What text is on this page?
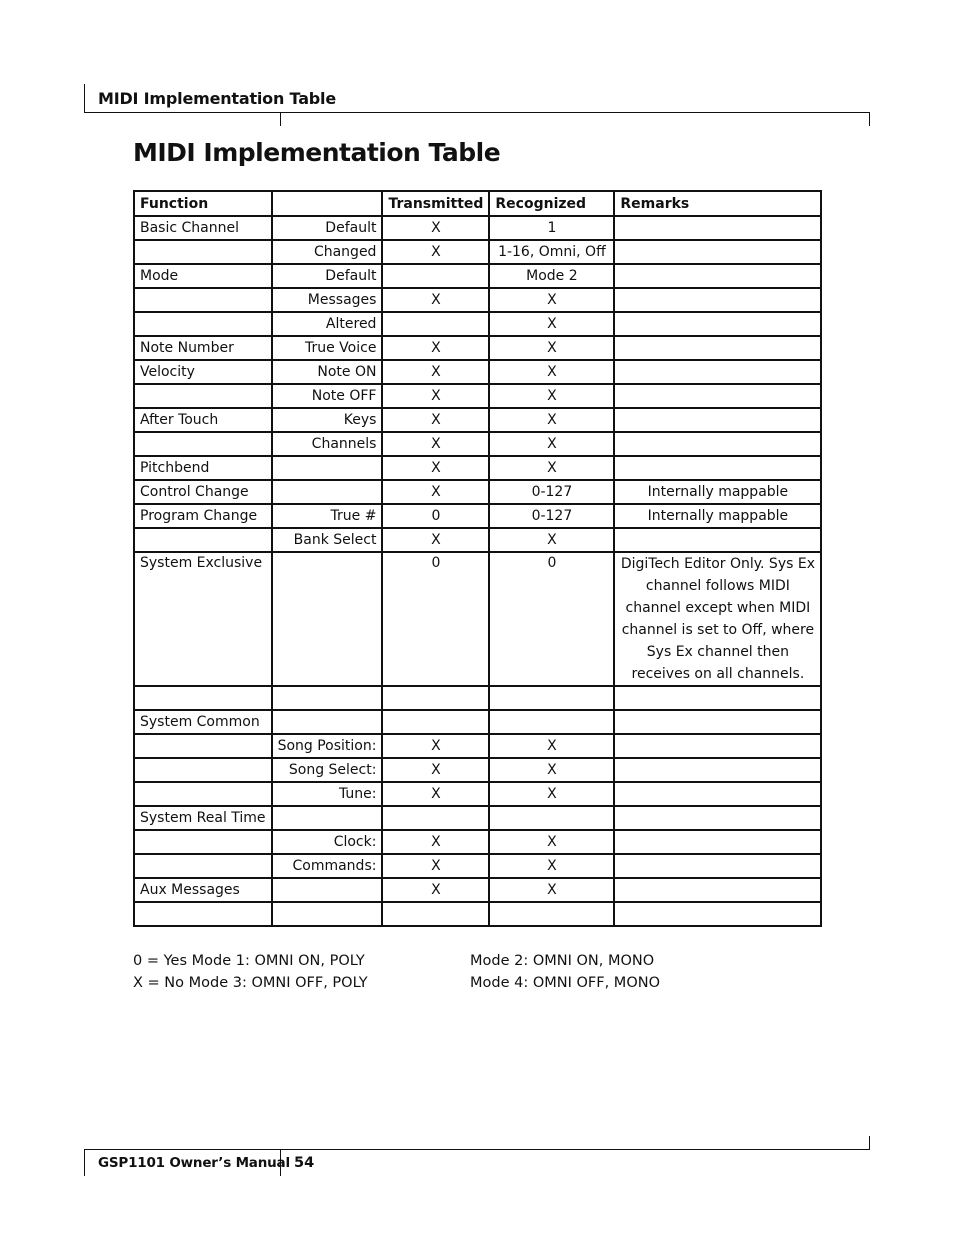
MIDI Implementation Table
MIDI Implementation Table
Function		Transmitted	Recognized	Remarks
Basic Channel	Default	X	1	
	Changed	X	1-16, Omni, Off	
Mode	Default		Mode 2	
	Messages	X	X	
	Altered		X	
Note Number	True Voice	X	X	
Velocity	Note ON	X	X	
	Note OFF	X	X	
After Touch	Keys	X	X	
	Channels	X	X	
Pitchbend		X	X	
Control Change		X	0-127	Internally mappable
Program Change	True #	0	0-127	Internally mappable
	Bank Select	X	X	
System Exclusive		0	0	DigiTech Editor Only. Sys Ex channel follows MIDI channel except when MIDI channel is set to Off, where Sys Ex channel then receives on all channels.

System Common				
	Song Position:	X	X	
	Song Select:	X	X	
	Tune:	X	X	
System Real Time				
	Clock:	X	X	
	Commands:	X	X	
Aux Messages		X	X	

0 = Yes Mode 1: OMNI ON, POLY	Mode 2: OMNI ON, MONO
X = No Mode 3: OMNI OFF, POLY	Mode 4: OMNI OFF, MONO
GSP1101 Owner’s Manual 54
